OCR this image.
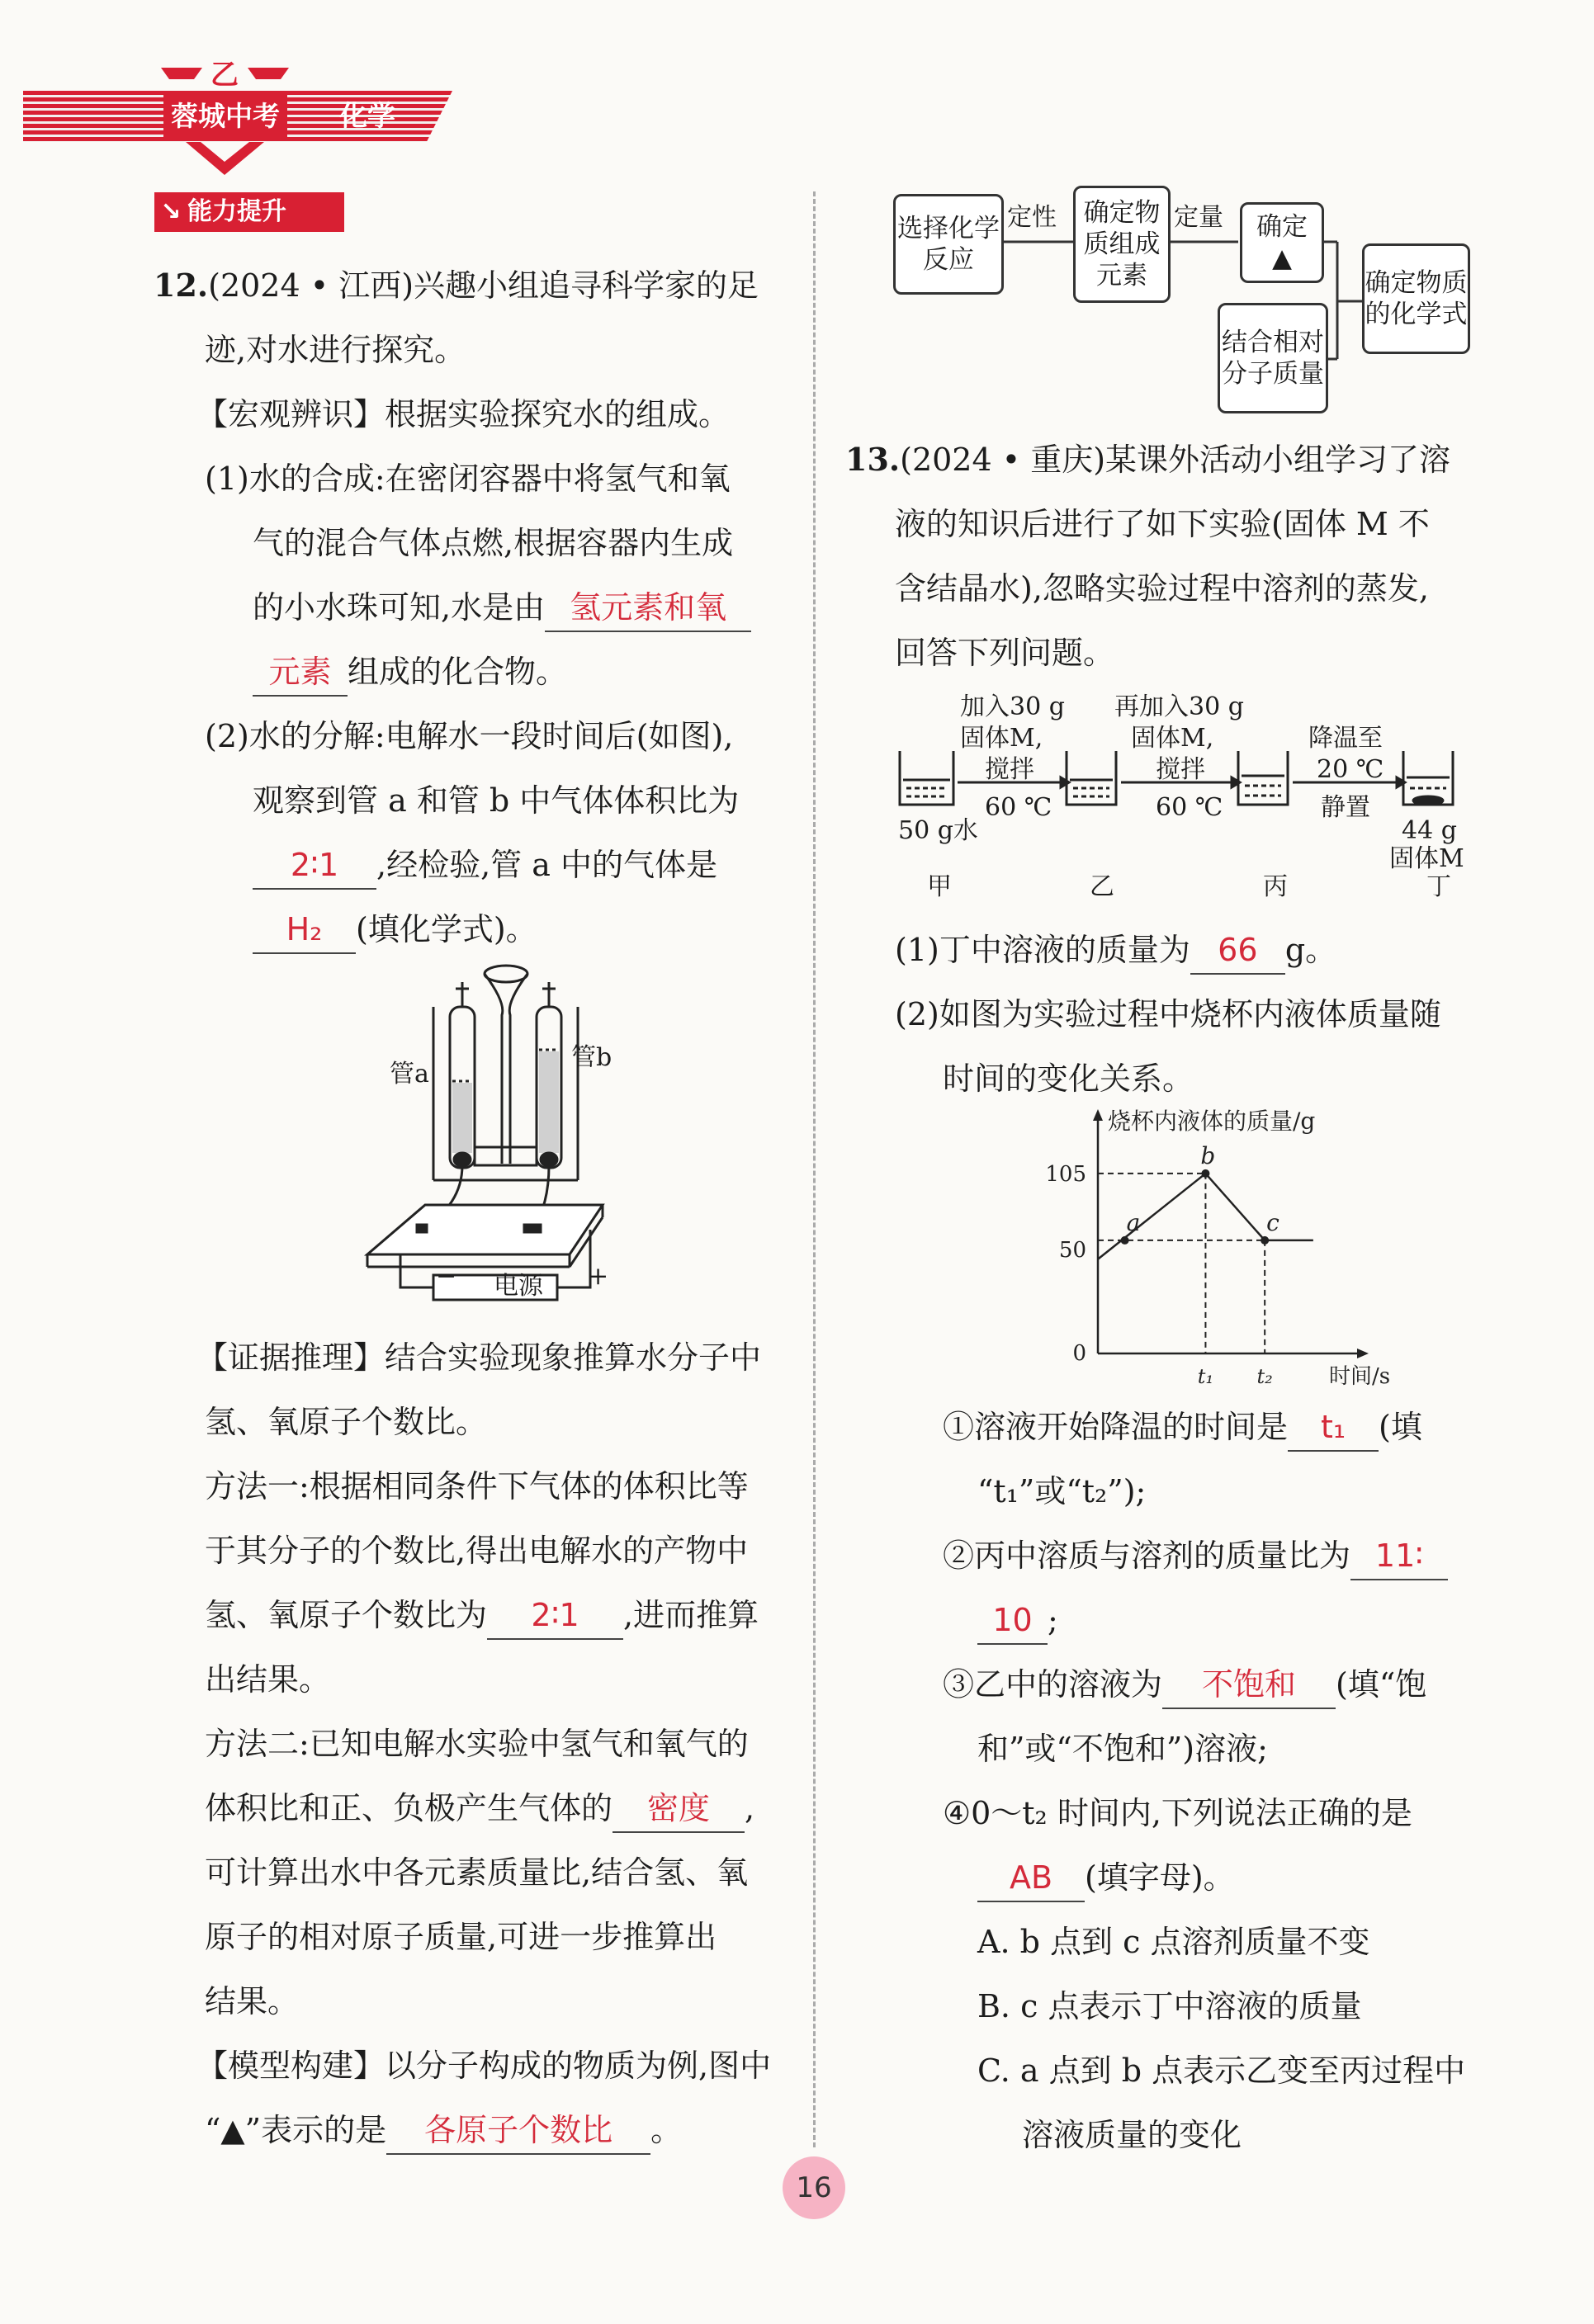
乙
蓉城中考	化学
↘ 能力提升
12.(2024 • 江西)兴趣小组追寻科学家的足
迹,对水进行探究。
【宏观辨识】根据实验探究水的组成。
(1)水的合成:在密闭容器中将氢气和氧
气的混合气体点燃,根据容器内生成
的小水珠可知,水是由 氢元素和氧
元素 组成的化合物。
(2)水的分解:电解水一段时间后(如图),
观察到管 a 和管 b 中气体体积比为
2∶1 ,经检验,管 a 中的气体是
H₂ (填化学式)。
管a
管b
电源
−	+
【证据推理】结合实验现象推算水分子中
氢、氧原子个数比。
方法一:根据相同条件下气体的体积比等
于其分子的个数比,得出电解水的产物中
氢、氧原子个数比为 2∶1 ,进而推算
出结果。
方法二:已知电解水实验中氢气和氧气的
体积比和正、负极产生气体的 密度 ,
可计算出水中各元素质量比,结合氢、氧
原子的相对原子质量,可进一步推算出
结果。
【模型构建】以分子构成的物质为例,图中
“▲”表示的是 各原子个数比 。
选择化学反应
定性	确定物质组成元素
定量 确定
▲
结合相对分子质量
确定物质的化学式
13.(2024 • 重庆)某课外活动小组学习了溶
液的知识后进行了如下实验(固体 M 不
含结晶水),忽略实验过程中溶剂的蒸发,
回答下列问题。
加入30 g
固体M,
搅拌
60 ℃
再加入30 g
固体M,
搅拌
60 ℃
降温至
20 ℃
静置
50 g水	44 g
固体M
甲	乙	丙	丁
(1)丁中溶液的质量为 66 g。
(2)如图为实验过程中烧杯内液体质量随
时间的变化关系。
烧杯内液体的质量/g
时间/s
0
105
50
t₁ t₂
a
b
c
①溶液开始降温的时间是 t₁ (填
“t₁”或“t₂”);
②丙中溶质与溶剂的质量比为 11∶
10 ;
③乙中的溶液为 不饱和 (填“饱
和”或“不饱和”)溶液;
④0～t₂ 时间内,下列说法正确的是
AB (填字母)。
A. b 点到 c 点溶剂质量不变
B. c 点表示丁中溶液的质量
C. a 点到 b 点表示乙变至丙过程中
溶液质量的变化
16
